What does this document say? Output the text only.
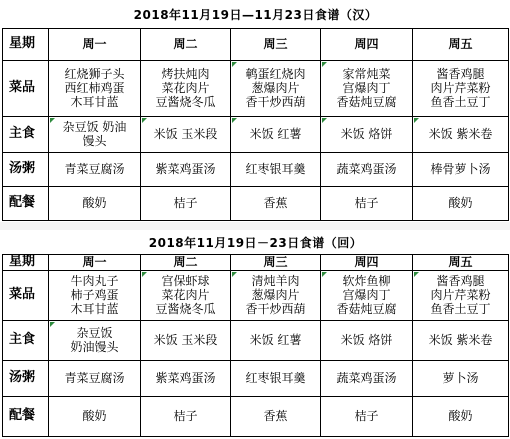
2018年11月19日—11月23日食谱（汉）					
星期	周一	周二	周三	周四	周五
菜品	红烧狮子头
西红柿鸡蛋
木耳甘蓝	烤扶炖肉
菜花肉片
豆酱烧冬瓜	鹌蛋红烧肉
葱爆肉片
香干炒西葫	家常炖菜
宫爆肉丁
香菇炖豆腐	酱香鸡腿
肉片芹菜粉
鱼香土豆丁

主食	杂豆饭 奶油
馒头	米饭 玉米段	米饭 红薯	米饭 烙饼	米饭 紫米卷
汤粥	青菜豆腐汤	紫菜鸡蛋汤	红枣银耳羹	蔬菜鸡蛋汤	棒骨萝卜汤
配餐	酸奶	桔子	香蕉	桔子	酸奶
2018年11月19日－23日食谱（回）					
星期	周一	周二	周三	周四	周五
菜品	牛肉丸子
柿子鸡蛋
木耳甘蓝	宫保虾球
菜花肉片
豆酱烧冬瓜	清炖羊肉
葱爆肉片
香干炒西葫	软炸鱼柳
宫爆肉丁
香菇炖豆腐	酱香鸡腿
肉片芹菜粉
鱼香土豆丁

主食	杂豆饭
奶油馒头	米饭 玉米段	米饭 红薯	米饭 烙饼	米饭 紫米卷
汤粥	青菜豆腐汤	紫菜鸡蛋汤	红枣银耳羹	蔬菜鸡蛋汤	萝卜汤
配餐	酸奶	桔子	香蕉	桔子	酸奶
